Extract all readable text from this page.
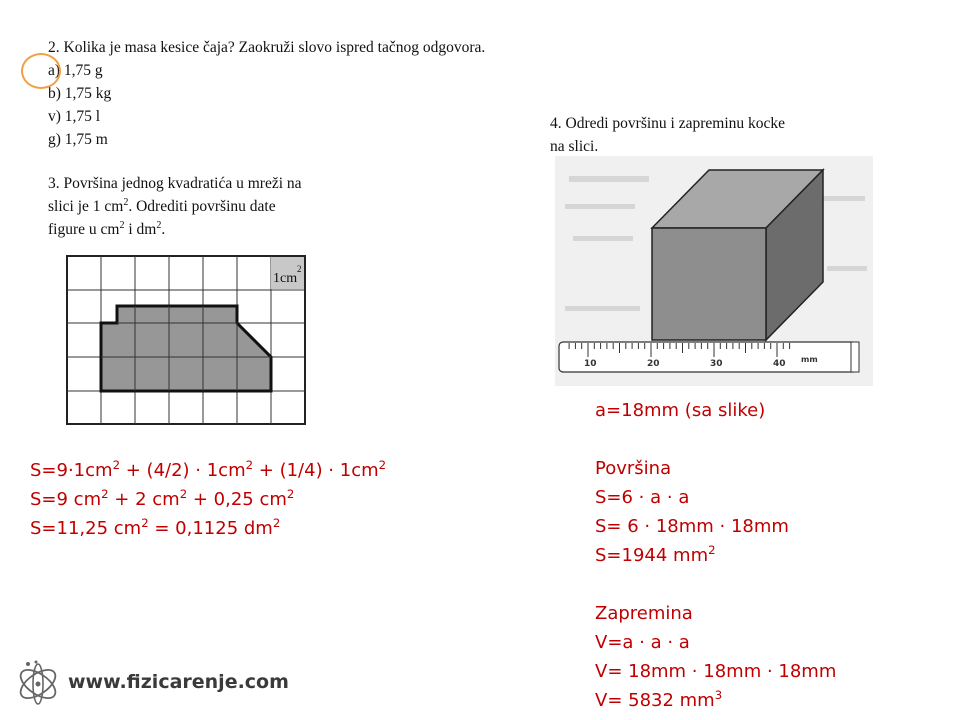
2. Kolika je masa kesice čaja? Zaokruži slovo ispred tačnog odgovora.
a) 1,75 g
b) 1,75 kg
v) 1,75 l
g) 1,75 m
3. Površina jednog kvadratića u mreži na
slici je 1 $cm^2$. Odrediti površinu date
figure u $cm^2$ i $dm^2$.
1cm
2
4. Odredi površinu i zapreminu kocke
na slici.
10	20	30	40 mm
$S=9\cdot 1cm^2 + (4/2) \cdot 1cm^2 + (1/4) \cdot 1cm^2$
S=9 $cm^2 + 2$ $cm^2 + 0,25$ $cm^2$
S=11,25 $cm^2 = 0,1125$ $dm^2$
a=18mm (sa slike)
Površina
S=6 · a · a
S= 6 · 18mm · 18mm
S=1944 $mm^2$
Zapremina
V=a · a · a
V= 18mm · 18mm · 18mm
V= 5832 $mm^3$
www.fizicarenje.com
